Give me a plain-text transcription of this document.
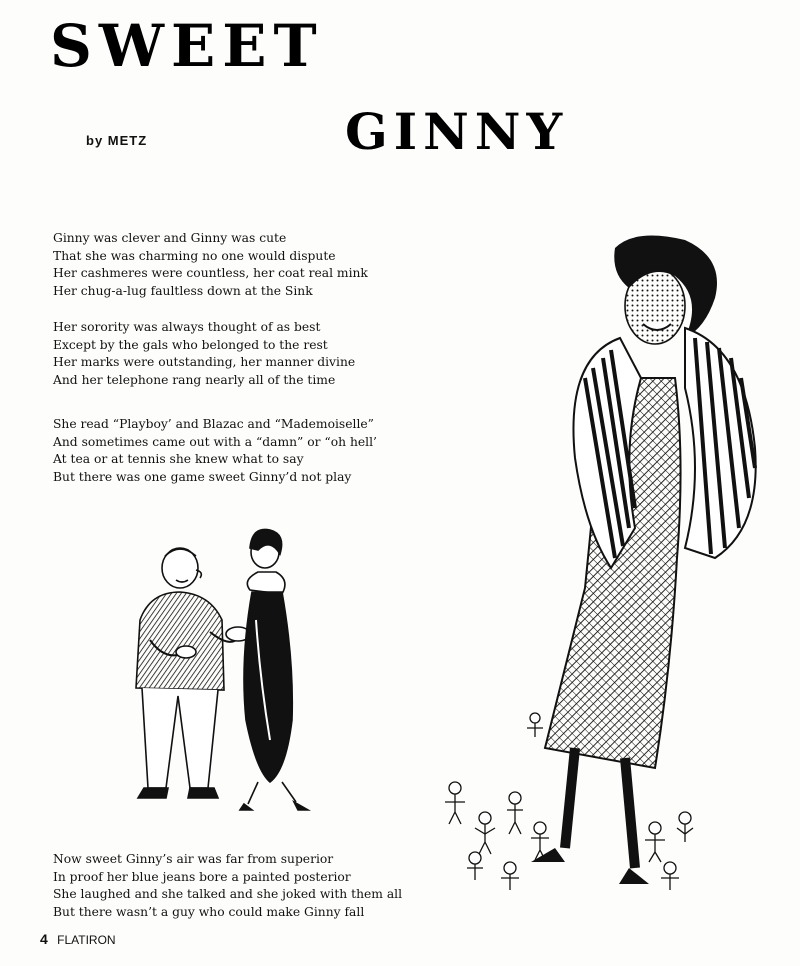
SWEET
GINNY
by METZ
Ginny was clever and Ginny was cute
That she was charming no one would dispute
Her cashmeres were countless, her coat real mink
Her chug-a-lug faultless down at the Sink
Her sorority was always thought of as best
Except by the gals who belonged to the rest
Her marks were outstanding, her manner divine
And her telephone rang nearly all of the time
She read “Playboy’ and Blazac and “Mademoiselle”
And sometimes came out with a “damn” or “oh hell’
At tea or at tennis she knew what to say
But there was one game sweet Ginny’d not play
Now sweet Ginny’s air was far from superior
In proof her blue jeans bore a painted posterior
She laughed and she talked and she joked with them all
But there wasn’t a guy who could make Ginny fall
4 FLATIRON
